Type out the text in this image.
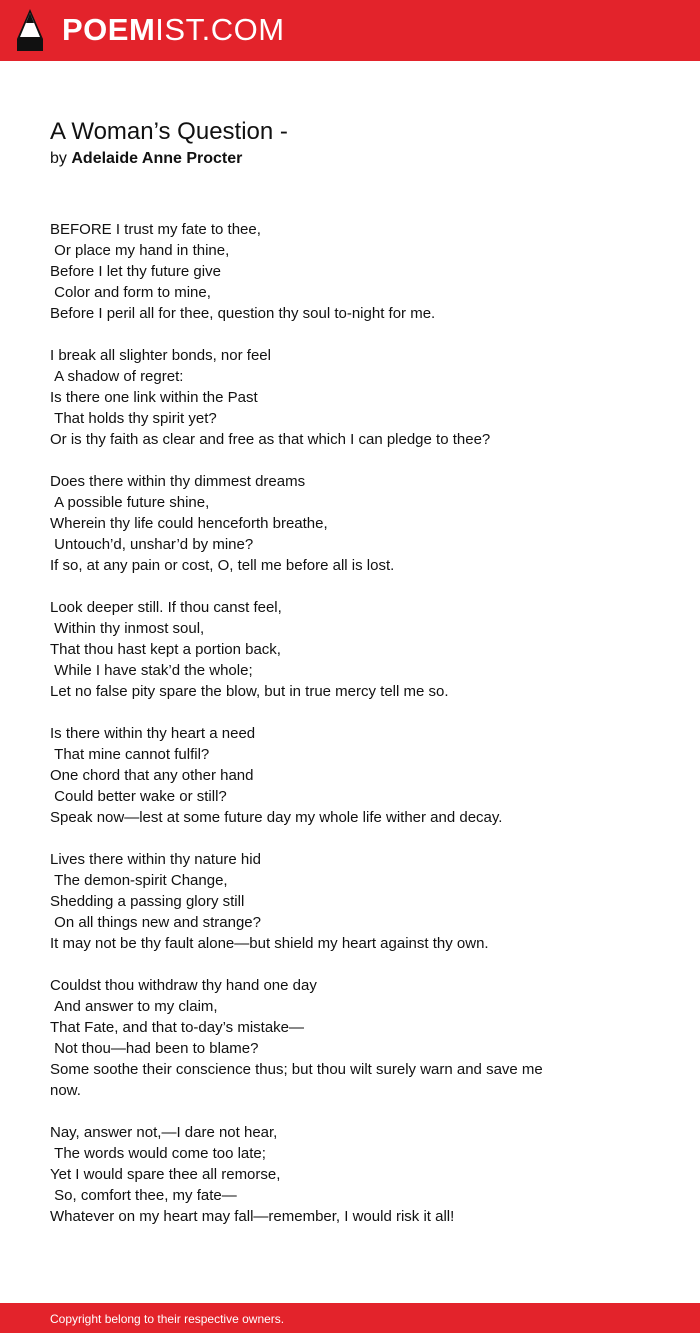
POEMIST.COM
A Woman’s Question -
by Adelaide Anne Procter
BEFORE I trust my fate to thee,
Or place my hand in thine,
Before I let thy future give
Color and form to mine,
Before I peril all for thee, question thy soul to-night for me.
I break all slighter bonds, nor feel
A shadow of regret:
Is there one link within the Past
That holds thy spirit yet?
Or is thy faith as clear and free as that which I can pledge to thee?
Does there within thy dimmest dreams
A possible future shine,
Wherein thy life could henceforth breathe,
Untouch’d, unshar’d by mine?
If so, at any pain or cost, O, tell me before all is lost.
Look deeper still. If thou canst feel,
Within thy inmost soul,
That thou hast kept a portion back,
While I have stak’d the whole;
Let no false pity spare the blow, but in true mercy tell me so.
Is there within thy heart a need
That mine cannot fulfil?
One chord that any other hand
Could better wake or still?
Speak now—lest at some future day my whole life wither and decay.
Lives there within thy nature hid
The demon-spirit Change,
Shedding a passing glory still
On all things new and strange?
It may not be thy fault alone—but shield my heart against thy own.
Couldst thou withdraw thy hand one day
And answer to my claim,
That Fate, and that to-day’s mistake—
Not thou—had been to blame?
Some soothe their conscience thus; but thou wilt surely warn and save me now.
Nay, answer not,—I dare not hear,
The words would come too late;
Yet I would spare thee all remorse,
So, comfort thee, my fate—
Whatever on my heart may fall—remember, I would risk it all!
Copyright belong to their respective owners.
